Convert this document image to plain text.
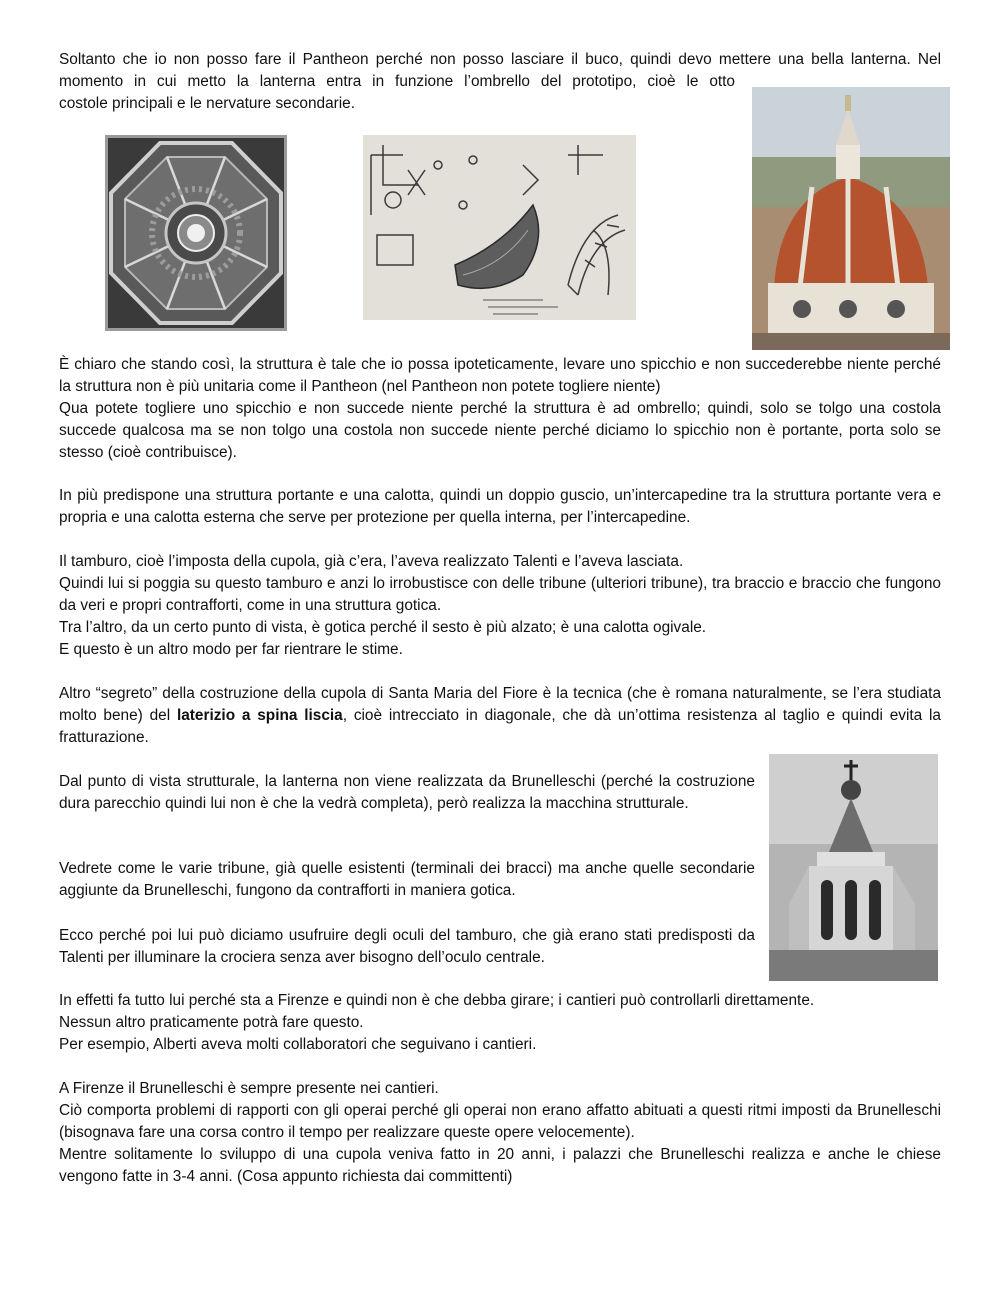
Soltanto che io non posso fare il Pantheon perché non posso lasciare il buco, quindi devo mettere una bella lanterna. Nel
momento in cui metto la lanterna entra in funzione l’ombrello del prototipo, cioè le otto
costole principali e le nervature secondarie.

È chiaro che stando così, la struttura è tale che io possa ipoteticamente, levare uno spicchio e non succederebbe niente perché la struttura non è più unitaria come il Pantheon (nel Pantheon non potete togliere niente)

Qua potete togliere uno spicchio e non succede niente perché la struttura è ad ombrello; quindi, solo se tolgo una costola succede qualcosa ma se non tolgo una costola non succede niente perché diciamo lo spicchio non è portante, porta solo se stesso (cioè contribuisce).

In più predispone una struttura portante e una calotta, quindi un doppio guscio, un’intercapedine tra la struttura portante vera e propria e una calotta esterna che serve per protezione per quella interna, per l’intercapedine.

Il tamburo, cioè l’imposta della cupola, già c’era, l’aveva realizzato Talenti e l’aveva lasciata.

Quindi lui si poggia su questo tamburo e anzi lo irrobustisce con delle tribune (ulteriori tribune), tra braccio e braccio che fungono da veri e propri contrafforti, come in una struttura gotica.

Tra l’altro, da un certo punto di vista, è gotica perché il sesto è più alzato; è una calotta ogivale.

E questo è un altro modo per far rientrare le stime.

Altro “segreto” della costruzione della cupola di Santa Maria del Fiore è la tecnica (che è romana naturalmente, se l’era studiata molto bene) del laterizio a spina liscia, cioè intrecciato in diagonale, che dà un’ottima resistenza al taglio e quindi evita la fratturazione.

Dal punto di vista strutturale, la lanterna non viene realizzata da Brunelleschi (perché la costruzione dura parecchio quindi lui non è che la vedrà completa), però realizza la macchina strutturale.

Vedrete come le varie tribune, già quelle esistenti (terminali dei bracci) ma anche quelle secondarie aggiunte da Brunelleschi, fungono da contrafforti in maniera gotica.

Ecco perché poi lui può diciamo usufruire degli oculi del tamburo, che già erano stati predisposti da Talenti per illuminare la crociera senza aver bisogno dell’oculo centrale.

In effetti fa tutto lui perché sta a Firenze e quindi non è che debba girare; i cantieri può controllarli direttamente.

Nessun altro praticamente potrà fare questo.

Per esempio, Alberti aveva molti collaboratori che seguivano i cantieri.

A Firenze il Brunelleschi è sempre presente nei cantieri.

Ciò comporta problemi di rapporti con gli operai perché gli operai non erano affatto abituati a questi ritmi imposti da Brunelleschi (bisognava fare una corsa contro il tempo per realizzare queste opere velocemente).

Mentre solitamente lo sviluppo di una cupola veniva fatto in 20 anni, i palazzi che Brunelleschi realizza e anche le chiese vengono fatte in 3-4 anni. (Cosa appunto richiesta dai committenti)
